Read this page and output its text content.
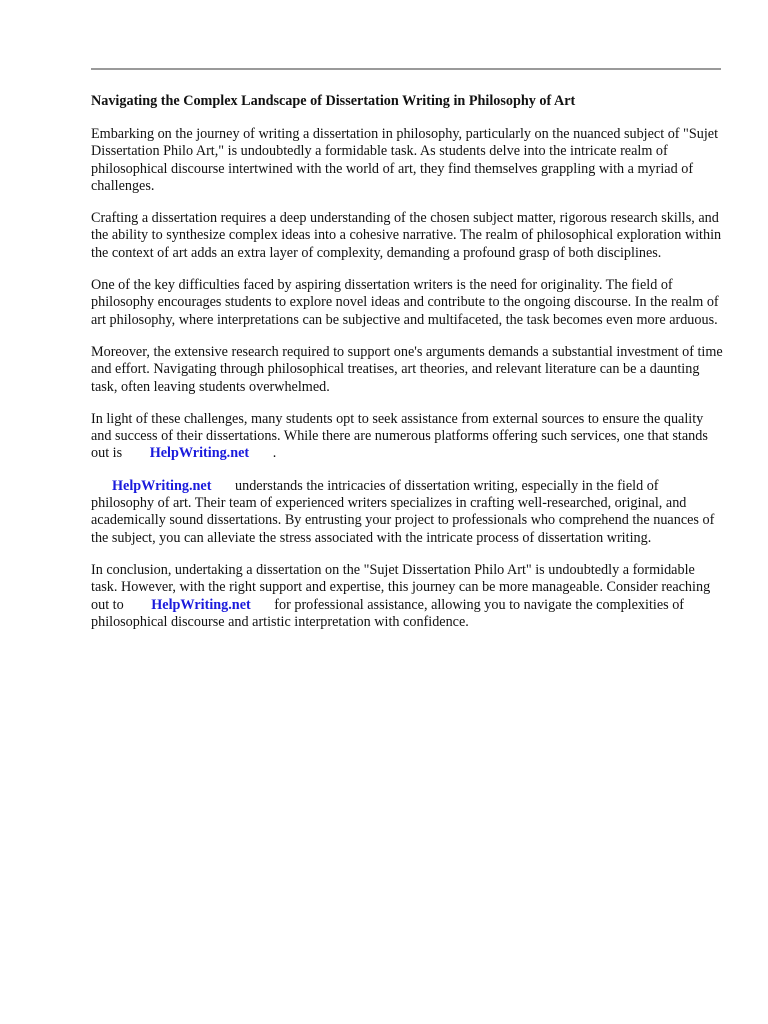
Navigating the Complex Landscape of Dissertation Writing in Philosophy of Art

Embarking on the journey of writing a dissertation in philosophy, particularly on the nuanced subject of "Sujet Dissertation Philo Art," is undoubtedly a formidable task. As students delve into the intricate realm of philosophical discourse intertwined with the world of art, they find themselves grappling with a myriad of challenges.

Crafting a dissertation requires a deep understanding of the chosen subject matter, rigorous research skills, and the ability to synthesize complex ideas into a cohesive narrative. The realm of philosophical exploration within the context of art adds an extra layer of complexity, demanding a profound grasp of both disciplines.

One of the key difficulties faced by aspiring dissertation writers is the need for originality. The field of philosophy encourages students to explore novel ideas and contribute to the ongoing discourse. In the realm of art philosophy, where interpretations can be subjective and multifaceted, the task becomes even more arduous.

Moreover, the extensive research required to support one's arguments demands a substantial investment of time and effort. Navigating through philosophical treatises, art theories, and relevant literature can be a daunting task, often leaving students overwhelmed.

In light of these challenges, many students opt to seek assistance from external sources to ensure the quality and success of their dissertations. While there are numerous platforms offering such services, one that stands out is HelpWriting.net .

HelpWriting.net understands the intricacies of dissertation writing, especially in the field of philosophy of art. Their team of experienced writers specializes in crafting well-researched, original, and academically sound dissertations. By entrusting your project to professionals who comprehend the nuances of the subject, you can alleviate the stress associated with the intricate process of dissertation writing.

In conclusion, undertaking a dissertation on the "Sujet Dissertation Philo Art" is undoubtedly a formidable task. However, with the right support and expertise, this journey can be more manageable. Consider reaching out to HelpWriting.net for professional assistance, allowing you to navigate the complexities of philosophical discourse and artistic interpretation with confidence.
